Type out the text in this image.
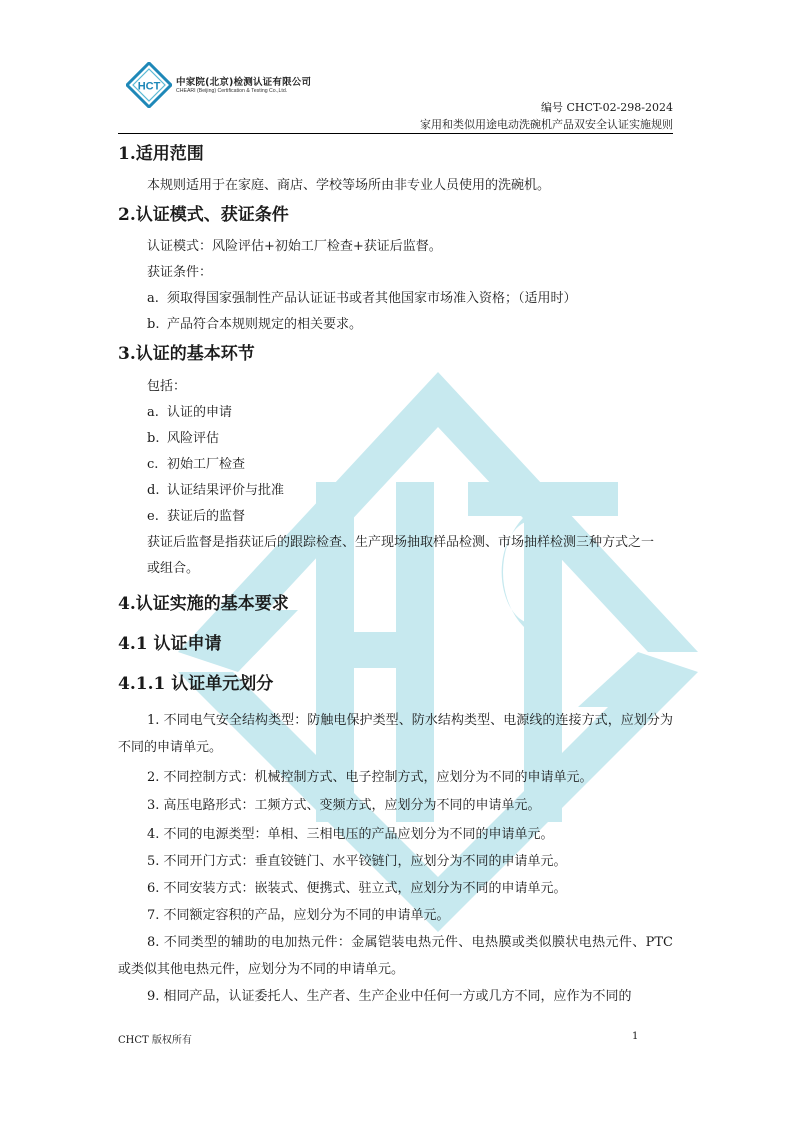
HCT 中家院(北京)检测认证有限公司
CHEARI (Beijing) Certification & Testing Co.,Ltd.
编号 CHCT-02-298-2024
家用和类似用途电动洗碗机产品双安全认证实施规则
1.适用范围

本规则适用于在家庭、商店、学校等场所由非专业人员使用的洗碗机。

2.认证模式、获证条件

认证模式：风险评估+初始工厂检查+获证后监督。

获证条件：

a. 须取得国家强制性产品认证证书或者其他国家市场准入资格；（适用时）

b. 产品符合本规则规定的相关要求。

3.认证的基本环节

包括：

a. 认证的申请

b. 风险评估

c. 初始工厂检查

d. 认证结果评价与批准

e. 获证后的监督

获证后监督是指获证后的跟踪检查、生产现场抽取样品检测、市场抽样检测三种方式之一

或组合。

4.认证实施的基本要求
4.1 认证申请
4.1.1 认证单元划分

1. 不同电气安全结构类型：防触电保护类型、防水结构类型、电源线的连接方式，应划分为不同的申请单元。

2. 不同控制方式：机械控制方式、电子控制方式，应划分为不同的申请单元。

3. 高压电路形式：工频方式、变频方式，应划分为不同的申请单元。

4. 不同的电源类型：单相、三相电压的产品应划分为不同的申请单元。

5. 不同开门方式：垂直铰链门、水平铰链门，应划分为不同的申请单元。

6. 不同安装方式：嵌装式、便携式、驻立式，应划分为不同的申请单元。

7. 不同额定容积的产品，应划分为不同的申请单元。

8. 不同类型的辅助的电加热元件：金属铠装电热元件、电热膜或类似膜状电热元件、PTC 或类似其他电热元件，应划分为不同的申请单元。

9. 相同产品，认证委托人、生产者、生产企业中任何一方或几方不同，应作为不同的

CHCT 版权所有	1
